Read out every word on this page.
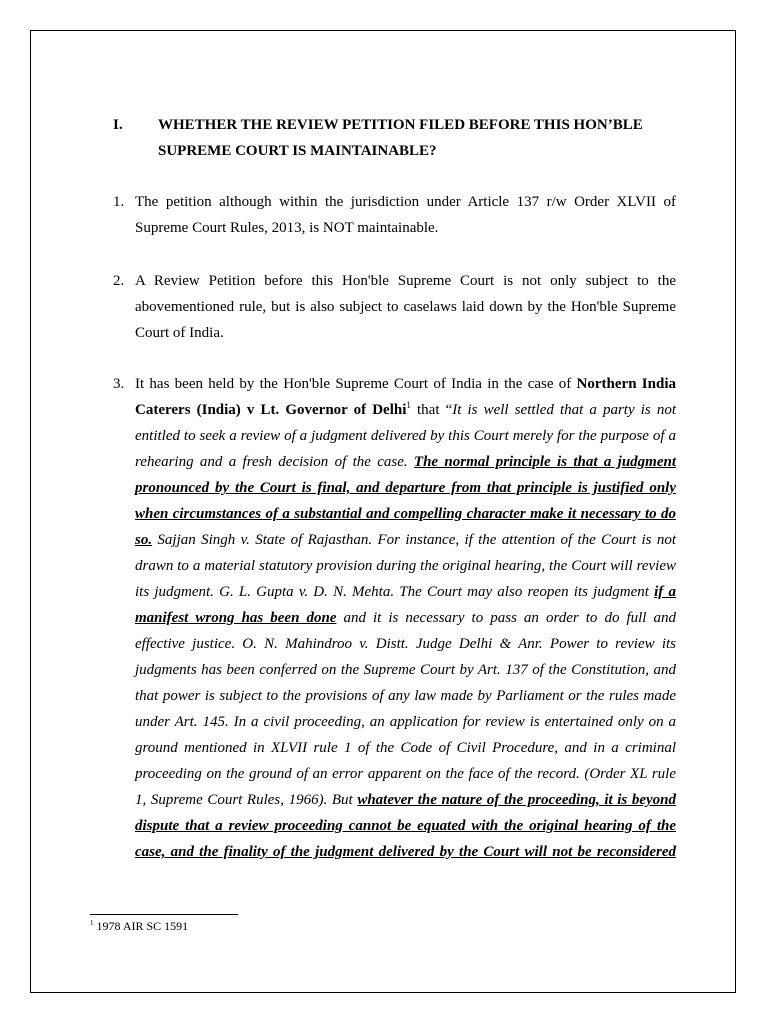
I. WHETHER THE REVIEW PETITION FILED BEFORE THIS HON’BLE SUPREME COURT IS MAINTAINABLE?
1. The petition although within the jurisdiction under Article 137 r/w Order XLVII of Supreme Court Rules, 2013, is NOT maintainable.
2. A Review Petition before this Hon'ble Supreme Court is not only subject to the abovementioned rule, but is also subject to caselaws laid down by the Hon'ble Supreme Court of India.
3. It has been held by the Hon'ble Supreme Court of India in the case of Northern India Caterers (India) v Lt. Governor of Delhi$^1$ that “It is well settled that a party is not entitled to seek a review of a judgment delivered by this Court merely for the purpose of a rehearing and a fresh decision of the case. The normal principle is that a judgment pronounced by the Court is final, and departure from that principle is justified only when circumstances of a substantial and compelling character make it necessary to do so. Sajjan Singh v. State of Rajasthan. For instance, if the attention of the Court is not drawn to a material statutory provision during the original hearing, the Court will review its judgment. G. L. Gupta v. D. N. Mehta. The Court may also reopen its judgment if a manifest wrong has been done and it is necessary to pass an order to do full and effective justice. O. N. Mahindroo v. Distt. Judge Delhi & Anr. Power to review its judgments has been conferred on the Supreme Court by Art. 137 of the Constitution, and that power is subject to the provisions of any law made by Parliament or the rules made under Art. 145. In a civil proceeding, an application for review is entertained only on a ground mentioned in XLVII rule 1 of the Code of Civil Procedure, and in a criminal proceeding on the ground of an error apparent on the face of the record. (Order XL rule 1, Supreme Court Rules, 1966). But whatever the nature of the proceeding, it is beyond dispute that a review proceeding cannot be equated with the original hearing of the case, and the finality of the judgment delivered by the Court will not be reconsidered
$^1$ 1978 AIR SC 1591
